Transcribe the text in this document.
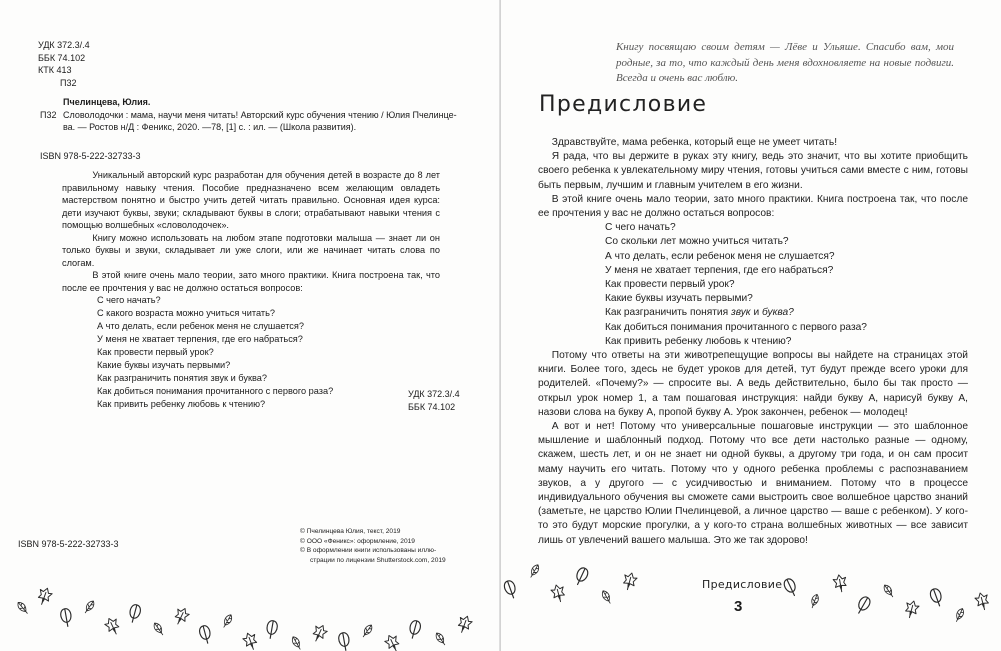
УДК 372.3/.4
ББК 74.102
КТК 413
П32
Пчелинцева, Юлия.
П32 Словолодочки : мама, научи меня читать! Авторский курс обучения чтению / Юлия Пчелинце-
ва. — Ростов н/Д : Феникс, 2020. —78, [1] с. : ил. — (Школа развития).
ISBN 978-5-222-32733-3

Уникальный авторский курс разработан для обучения детей в возрасте до 8 лет правильному навыку чтения. Пособие предназначено всем желающим овладеть мастерством понятно и быстро учить детей читать правильно. Основная идея курса: дети изучают буквы, звуки; складывают буквы в слоги; отрабатывают навыки чтения с помощью волшебных «словолодочек».

Книгу можно использовать на любом этапе подготовки малыша — знает ли он только буквы и звуки, складывает ли уже слоги, или же начинает читать слова по слогам.

В этой книге очень мало теории, зато много практики. Книга построена так, что после ее прочтения у вас не должно остаться вопросов:

С чего начать?
С какого возраста можно учиться читать?
А что делать, если ребенок меня не слушается?
У меня не хватает терпения, где его набраться?
Как провести первый урок?
Какие буквы изучать первыми?
Как разграничить понятия звук и буква?
Как добиться понимания прочитанного с первого раза?
Как привить ребенку любовь к чтению?
УДК 372.3/.4
ББК 74.102
ISBN 978-5-222-32733-3
© Пчелинцева Юлия, текст, 2019
© ООО «Феникс»: оформление, 2019
© В оформлении книги использованы иллю-
страции по лицензии Shutterstock.com, 2019
Книгу посвящаю своим детям — Лёве и Ульяше. Спасибо вам, мои родные, за то, что каждый день меня вдохновляете на новые подвиги. Всегда и очень вас люблю.
Предисловие

Здравствуйте, мама ребенка, который еще не умеет читать!

Я рада, что вы держите в руках эту книгу, ведь это значит, что вы хотите приобщить своего ребенка к увлекательному миру чтения, готовы учиться сами вместе с ним, готовы быть первым, лучшим и главным учителем в его жизни.

В этой книге очень мало теории, зато много практики. Книга построена так, что после ее прочтения у вас не должно остаться вопросов:

С чего начать?
Со скольки лет можно учиться читать?
А что делать, если ребенок меня не слушается?
У меня не хватает терпения, где его набраться?
Как провести первый урок?
Какие буквы изучать первыми?
Как разграничить понятия звук и буква?
Как добиться понимания прочитанного с первого раза?
Как привить ребенку любовь к чтению?

Потому что ответы на эти животрепещущие вопросы вы найдете на страницах этой книги. Более того, здесь не будет уроков для детей, тут будут прежде всего уроки для родителей. «Почему?» — спросите вы. А ведь действительно, было бы так просто — открыл урок номер 1, а там пошаговая инструкция: найди букву А, нарисуй букву А, назови слова на букву А, пропой букву А. Урок закончен, ребенок — молодец!

А вот и нет! Потому что универсальные пошаговые инструкции — это шаблонное мышление и шаблонный подход. Потому что все дети настолько разные — одному, скажем, шесть лет, и он не знает ни одной буквы, а другому три года, и он сам просит маму научить его читать. Потому что у одного ребенка проблемы с распознаванием звуков, а у другого — с усидчивостью и вниманием. Потому что в процессе индивидуального обучения вы сможете сами выстроить свое волшебное царство знаний (заметьте, не царство Юлии Пчелинцевой, а личное царство — ваше с ребенком). У кого-то это будут морские прогулки, а у кого-то страна волшебных животных — все зависит лишь от увлечений вашего малыша. Это же так здорово!

Предисловие
3
